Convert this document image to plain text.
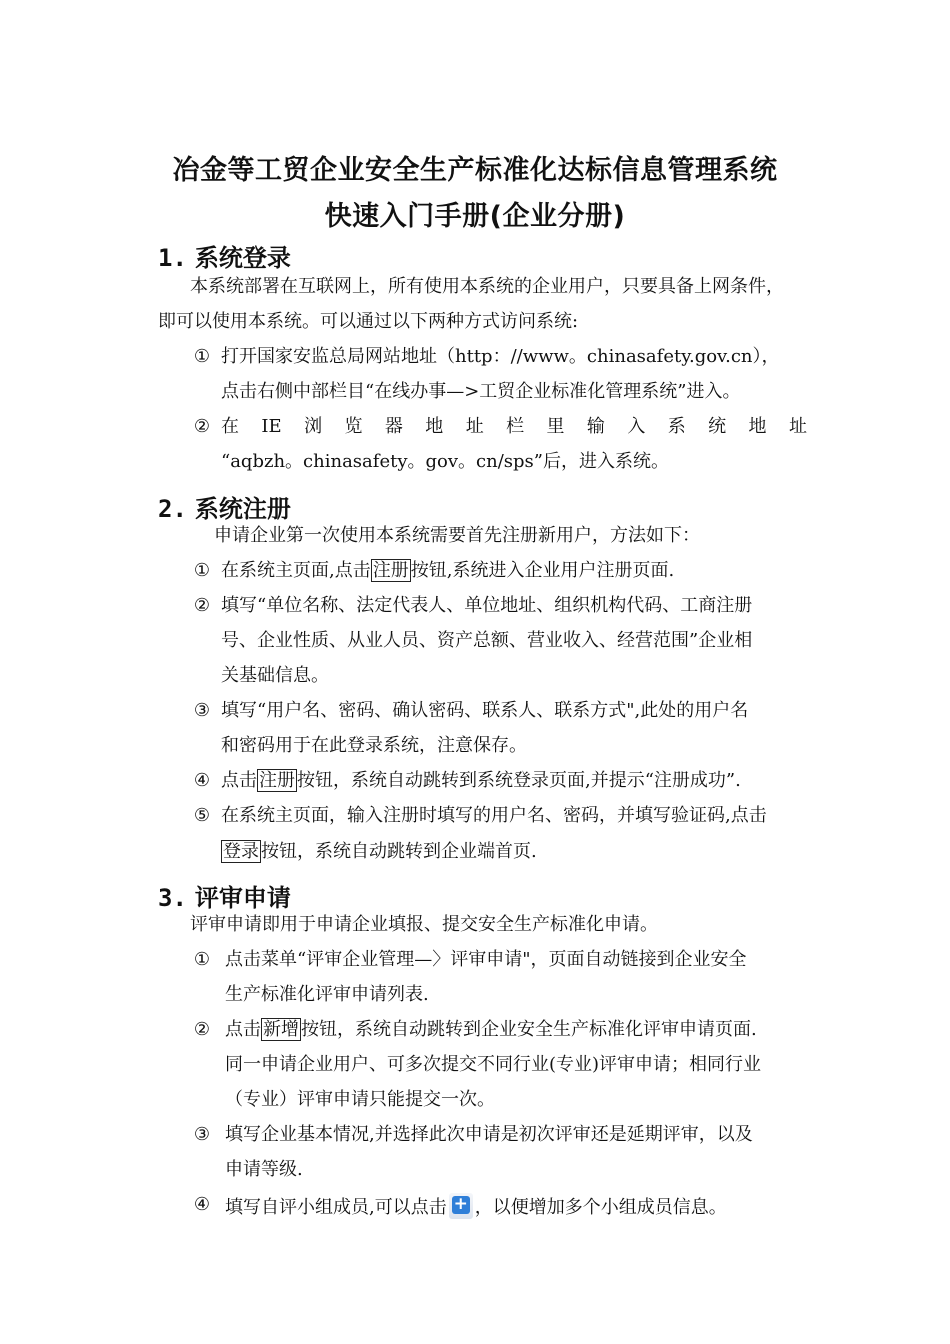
冶金等工贸企业安全生产标准化达标信息管理系统
快速入门手册(企业分册)
1. 系统登录
本系统部署在互联网上，所有使用本系统的企业用户，只要具备上网条件，
即可以使用本系统。可以通过以下两种方式访问系统:
① 打开国家安监总局网站地址（http：//www。chinasafety.gov.cn），
点击右侧中部栏目“在线办事—>工贸企业标准化管理系统”进入。
② 在 IE 浏 览 器 地 址 栏 里 输 入 系 统 地 址
“aqbzh。chinasafety。gov。cn/sps”后，进入系统。
2. 系统注册
申请企业第一次使用本系统需要首先注册新用户，方法如下：
① 在系统主页面,点击 注册 按钮,系统进入企业用户注册页面.
② 填写“单位名称、法定代表人、单位地址、组织机构代码、工商注册
号、企业性质、从业人员、资产总额、营业收入、经营范围”企业相
关基础信息。
③ 填写“用户名、密码、确认密码、联系人、联系方式",此处的用户名
和密码用于在此登录系统，注意保存。
④ 点击 注册 按钮，系统自动跳转到系统登录页面,并提示“注册成功”.
⑤ 在系统主页面，输入注册时填写的用户名、密码，并填写验证码,点击
登录 按钮，系统自动跳转到企业端首页.
3. 评审申请
评审申请即用于申请企业填报、提交安全生产标准化申请。
① 点击菜单“评审企业管理—〉评审申请"，页面自动链接到企业安全
生产标准化评审申请列表.
② 点击 新增 按钮，系统自动跳转到企业安全生产标准化评审申请页面.
同一申请企业用户、可多次提交不同行业(专业)评审申请；相同行业
（专业）评审申请只能提交一次。
③ 填写企业基本情况,并选择此次申请是初次评审还是延期评审，以及
申请等级.
④ 填写自评小组成员,可以点击+ ，以便增加多个小组成员信息。
